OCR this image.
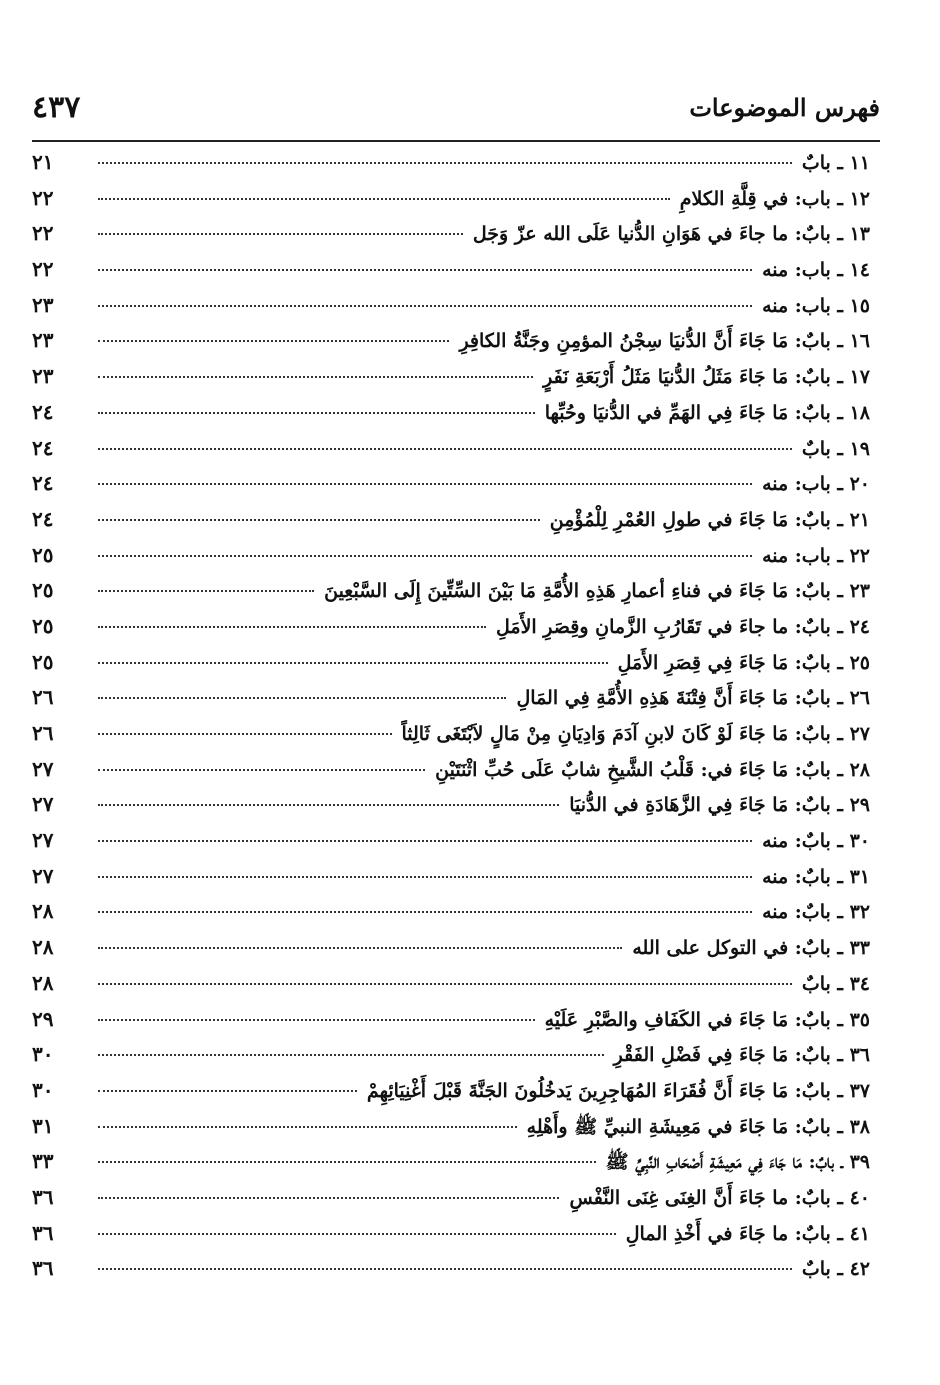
٤٣٧	فهرس الموضوعات
١١ ـ بابٌ
٢١
١٢ ـ باب: في قِلَّةِ الكلامِ
٢٢
١٣ ـ بابٌ: ما جاءَ في هَوَانِ الدُّنيا عَلَى الله عزّ وَجَل
٢٢
١٤ ـ باب: منه
٢٢
١٥ ـ باب: منه
٢٣
١٦ ـ بابٌ: مَا جَاءَ أَنَّ الدُّنيَا سِجْنُ المؤمِنِ وجَنَّةُ الكافِرِ
٢٣
١٧ ـ بابٌ: مَا جَاءَ مَثَلُ الدُّنيَا مَثَلُ أَرْبَعَةِ نَفَرٍ
٢٣
١٨ ـ بابٌ: مَا جَاءَ فِي الهَمِّ في الدُّنيَا وحُبِّها
٢٤
١٩ ـ بابٌ
٢٤
٢٠ ـ باب: منه
٢٤
٢١ ـ بابٌ: مَا جَاءَ في طولِ العُمْرِ لِلْمُؤْمِنِ
٢٤
٢٢ ـ باب: منه
٢٥
٢٣ ـ بابٌ: مَا جَاءَ في فناءِ أعمارِ هَذِهِ الأُمَّةِ مَا بَيْنَ السِّتِّينَ إِلَى السَّبْعِينَ
٢٥
٢٤ ـ بابٌ: ما جاءَ في تَقَارُبِ الزَّمانِ وقِصَرِ الأَمَلِ
٢٥
٢٥ ـ بابٌ: مَا جَاءَ فِي قِصَرِ الأَمَلِ
٢٥
٢٦ ـ بابٌ: مَا جَاءَ أَنَّ فِتْنَةَ هَذِهِ الأُمَّةِ فِي المَالِ
٢٦
٢٧ ـ بابٌ: مَا جَاءَ لَوْ كَانَ لابنِ آدَمَ وَادِيَانِ مِنْ مَالٍ لاَبْتَغَى ثَالِثاً
٢٦
٢٨ ـ بابٌ: مَا جَاءَ في: قَلْبُ الشَّيخِ شابٌ عَلَى حُبِّ اثْنَتَيْنِ
٢٧
٢٩ ـ بابٌ: مَا جَاءَ فِي الزَّهَادَةِ في الدُّنيَا
٢٧
٣٠ ـ بابٌ: منه
٢٧
٣١ ـ بابٌ: منه
٢٧
٣٢ ـ بابٌ: منه
٢٨
٣٣ ـ بابٌ: في التوكل على الله
٢٨
٣٤ ـ بابٌ
٢٨
٣٥ ـ بابٌ: مَا جَاءَ في الكَفَافِ والصَّبْرِ عَلَيْهِ
٢٩
٣٦ ـ بابٌ: مَا جَاءَ فِي فَضْلِ الفَقْرِ
٣٠
٣٧ ـ بابٌ: مَا جَاءَ أَنَّ فُقَرَاءَ المُهَاجِرِينَ يَدخُلُونَ الجَنَّةَ قَبْلَ أَغْنِيَائِهِمْ
٣٠
٣٨ ـ بابٌ: مَا جَاءَ في مَعِيشَةِ النبيِّ ﷺ وأَهْلِهِ
٣١
٣٩ ـ بابٌ: مَا جَاءَ فِي مَعِيشَةِ أَصْحَابِ النَّبِيِّ ﷺ
٣٣
٤٠ ـ بابٌ: ما جَاءَ أَنَّ الغِنَى غِنَى النَّفْسِ
٣٦
٤١ ـ بابٌ: ما جَاءَ في أَخْذِ المالِ
٣٦
٤٢ ـ بابٌ
٣٦
